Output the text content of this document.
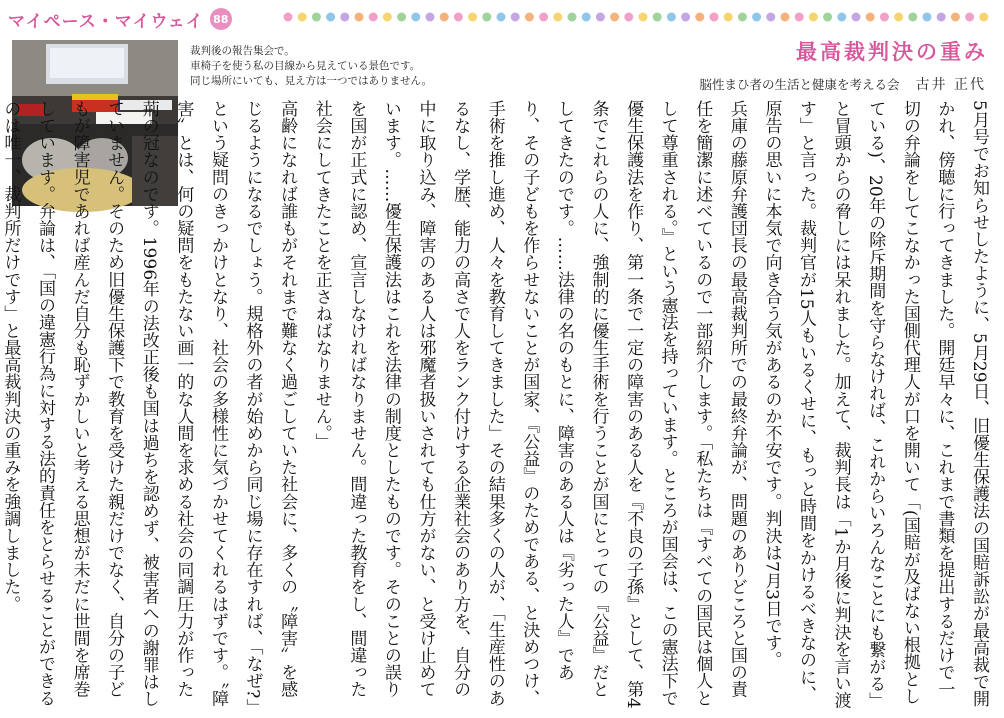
マイペース・マイウェイ 88
裁判後の報告集会で。
車椅子を使う私の目線から見えている景色です。
同じ場所にいても、見え方は一つではありません。
最高裁判決の重み
脳性まひ者の生活と健康を考える会 古井 正代

5月号でお知らせしたように、5月29日、旧優生保護法の国賠訴訟が最高裁で開かれ、傍聴に行ってきました。開廷早々に、これまで書類を提出するだけで一切の弁論をしてこなかった国側代理人が口を開いて「(国賠が及ばない根拠としている)、20年の除斥期間を守らなければ、これからいろんなことにも繋がる」と冒頭からの脅しには呆れました。加えて、裁判長は「1か月後に判決を言い渡す」と言った。裁判官が15人もいるくせに、もっと時間をかけるべきなのに、原告の思いに本気で向き合う気があるのか不安です。判決は7月3日です。

兵庫の藤原弁護団長の最高裁判所での最終弁論が、問題のありどころと国の責任を簡潔に述べているので一部紹介します。「私たちは『すべての国民は個人として尊重される。』という憲法を持っています。ところが国会は、この憲法下で優生保護法を作り、第一条で一定の障害のある人を『不良の子孫』として、第4条でこれらの人に、強制的に優生手術を行うことが国にとっての『公益』だとしてきたのです。……法律の名のもとに、障害のある人は『劣った人』であり、その子どもを作らせないことが国家、『公益』のためである、と決めつけ、手術を推し進め、人々を教育してきました」その結果多くの人が、「生産性のあるなし、学歴、能力の高さで人をランク付けする企業社会のあり方を、自分の中に取り込み、障害のある人は邪魔者扱いされても仕方がない、と受け止めています。……優生保護法はこれを法律の制度としたものです。そのことの誤りを国が正式に認め、宣言しなければなりません。間違った教育をし、間違った社会にしてきたことを正さねばなりません。」

高齢になれば誰もがそれまで難なく過ごしていた社会に、多くの〝障害〟を感じるようになるでしょう。規格外の者が始めから同じ場に存在すれば、「なぜ?」という疑問のきっかけとなり、社会の多様性に気づかせてくれるはずです。〝障害〟とは、何の疑問をもたない画一的な人間を求める社会の同調圧力が作った荊の冠なのです。1996年の法改正後も国は過ちを認めず、被害者への謝罪はしていません。そのため旧優生保護下で教育を受けた親だけでなく、自分の子どもが障害児であれば産んだ自分も恥ずかしいと考える思想が未だに世間を席巻しています。弁論は、「国の違憲行為に対する法的責任をとらせることができるのは唯一、裁判所だけです」と最高裁判決の重みを強調しました。
